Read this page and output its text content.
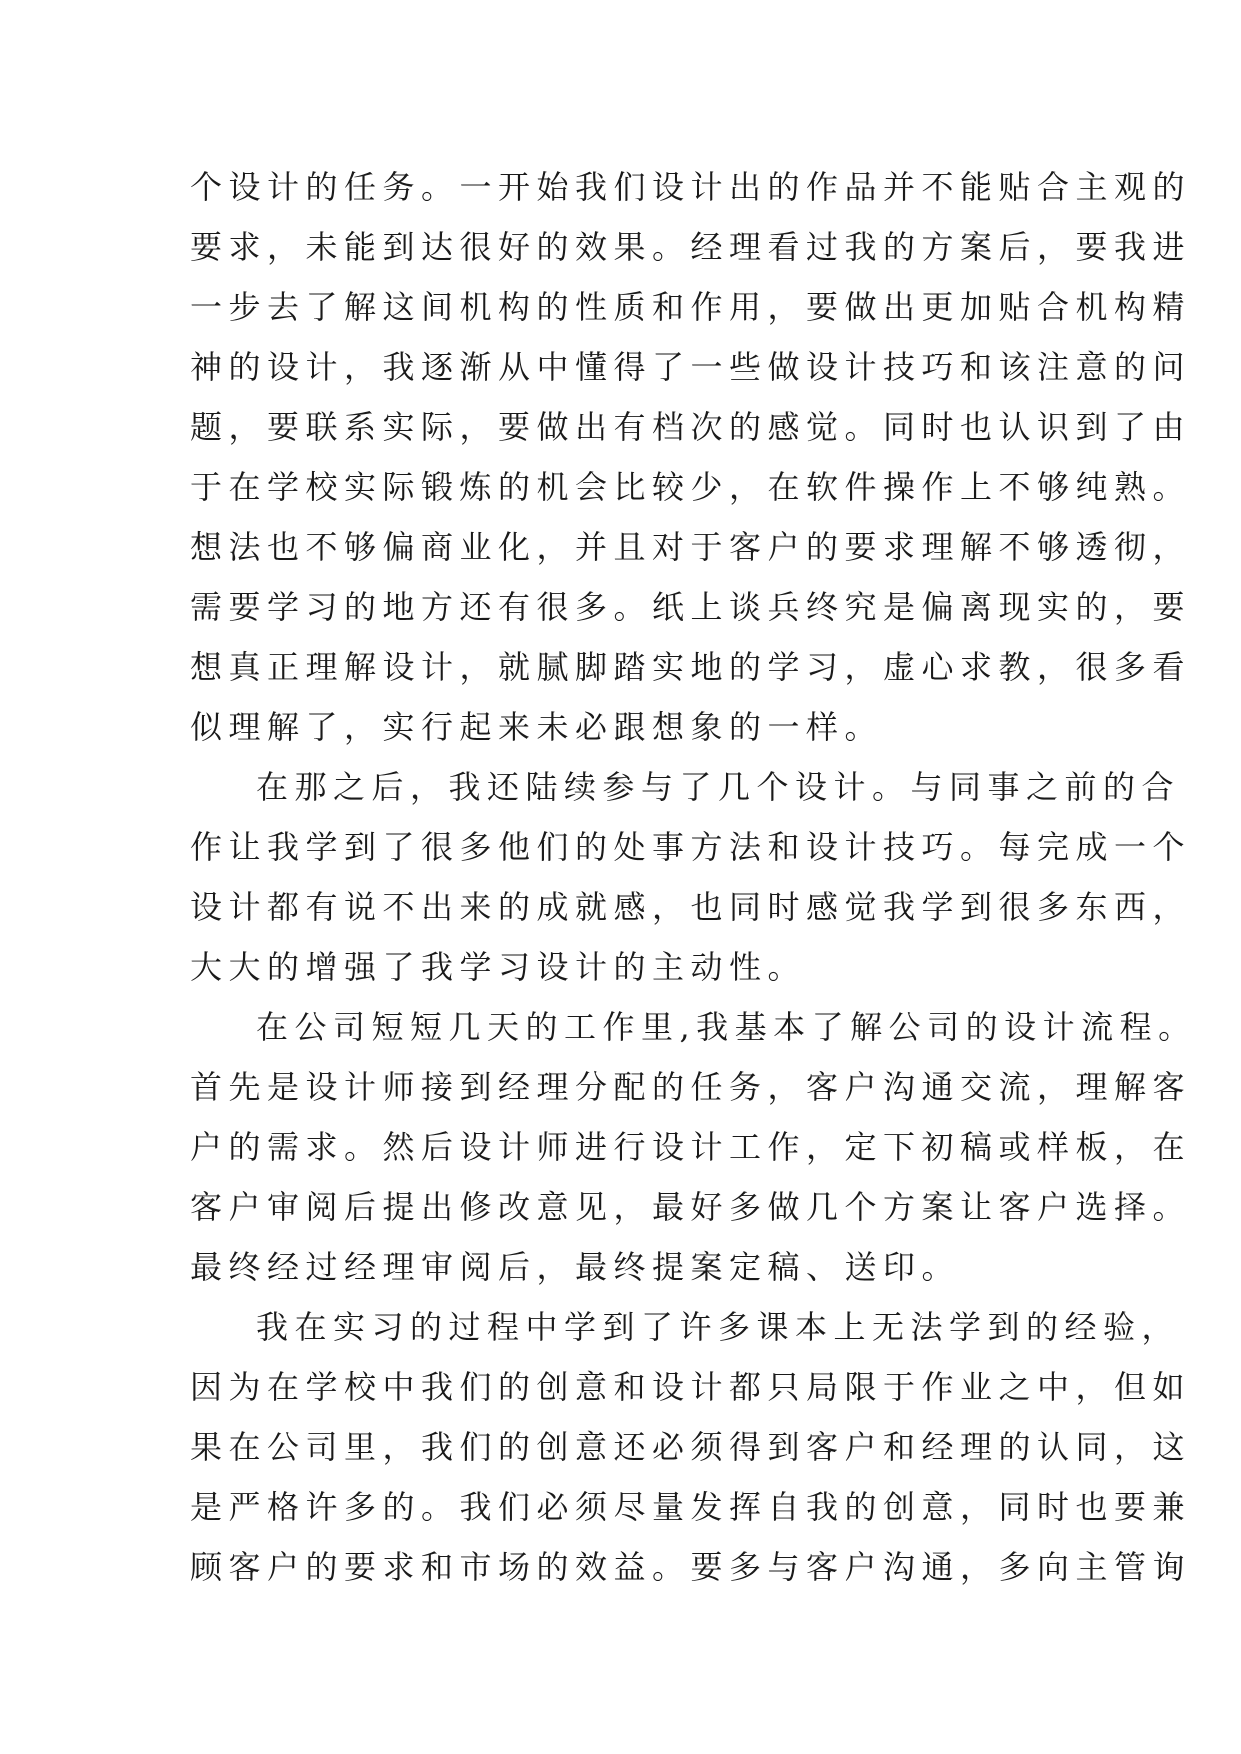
个设计的任务。一开始我们设计出的作品并不能贴合主观的
要求，未能到达很好的效果。经理看过我的方案后，要我进
一步去了解这间机构的性质和作用，要做出更加贴合机构精
神的设计，我逐渐从中懂得了一些做设计技巧和该注意的问
题，要联系实际，要做出有档次的感觉。同时也认识到了由
于在学校实际锻炼的机会比较少，在软件操作上不够纯熟。
想法也不够偏商业化，并且对于客户的要求理解不够透彻，
需要学习的地方还有很多。纸上谈兵终究是偏离现实的，要
想真正理解设计，就腻脚踏实地的学习，虚心求教，很多看
似理解了，实行起来未必跟想象的一样。
在那之后，我还陆续参与了几个设计。与同事之前的合
作让我学到了很多他们的处事方法和设计技巧。每完成一个
设计都有说不出来的成就感，也同时感觉我学到很多东西，
大大的增强了我学习设计的主动性。
在公司短短几天的工作里,我基本了解公司的设计流程。
首先是设计师接到经理分配的任务，客户沟通交流，理解客
户的需求。然后设计师进行设计工作，定下初稿或样板，在
客户审阅后提出修改意见，最好多做几个方案让客户选择。
最终经过经理审阅后，最终提案定稿、送印。
我在实习的过程中学到了许多课本上无法学到的经验，
因为在学校中我们的创意和设计都只局限于作业之中，但如
果在公司里，我们的创意还必须得到客户和经理的认同，这
是严格许多的。我们必须尽量发挥自我的创意，同时也要兼
顾客户的要求和市场的效益。要多与客户沟通，多向主管询
